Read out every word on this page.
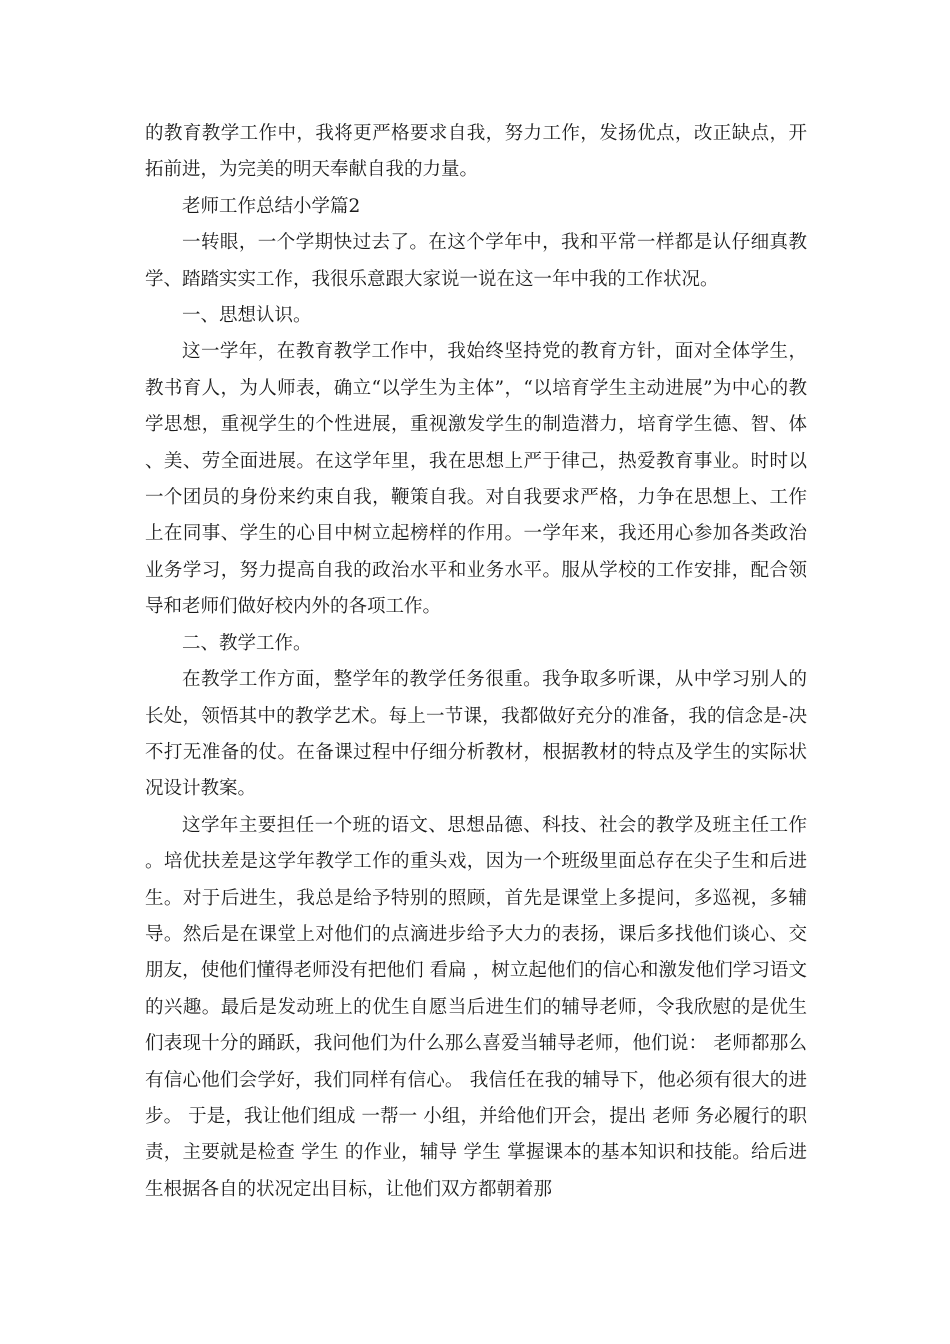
的教育教学工作中，我将更严格要求自我，努力工作，发扬优点，改正缺点，开拓前进，为完美的明天奉献自我的力量。

老师工作总结小学篇2

一转眼，一个学期快过去了。在这个学年中，我和平常一样都是认仔细真教学、踏踏实实工作，我很乐意跟大家说一说在这一年中我的工作状况。

一、思想认识。

这一学年，在教育教学工作中，我始终坚持党的教育方针，面对全体学生，教书育人，为人师表，确立“以学生为主体”，“以培育学生主动进展”为中心的教学思想，重视学生的个性进展，重视激发学生的制造潜力，培育学生德、智、体、美、劳全面进展。在这学年里，我在思想上严于律己，热爱教育事业。时时以一个团员的身份来约束自我，鞭策自我。对自我要求严格，力争在思想上、工作上在同事、学生的心目中树立起榜样的作用。一学年来，我还用心参加各类政治业务学习，努力提高自我的政治水平和业务水平。服从学校的工作安排，配合领导和老师们做好校内外的各项工作。

二、教学工作。

在教学工作方面，整学年的教学任务很重。我争取多听课，从中学习别人的长处，领悟其中的教学艺术。每上一节课，我都做好充分的准备，我的信念是-决不打无准备的仗。在备课过程中仔细分析教材，根据教材的特点及学生的实际状况设计教案。

这学年主要担任一个班的语文、思想品德、科技、社会的教学及班主任工作。培优扶差是这学年教学工作的重头戏，因为一个班级里面总存在尖子生和后进生。对于后进生，我总是给予特别的照顾，首先是课堂上多提问，多巡视，多辅导。然后是在课堂上对他们的点滴进步给予大力的表扬，课后多找他们谈心、交朋友，使他们懂得老师没有把他们 看扁 ，树立起他们的信心和激发他们学习语文的兴趣。最后是发动班上的优生自愿当后进生们的辅导老师，令我欣慰的是优生们表现十分的踊跃，我问他们为什么那么喜爱当辅导老师，他们说： 老师都那么有信心他们会学好，我们同样有信心。 我信任在我的辅导下，他必须有很大的进步。 于是，我让他们组成 一帮一 小组，并给他们开会，提出 老师 务必履行的职责，主要就是检查 学生 的作业，辅导 学生 掌握课本的基本知识和技能。给后进生根据各自的状况定出目标，让他们双方都朝着那
